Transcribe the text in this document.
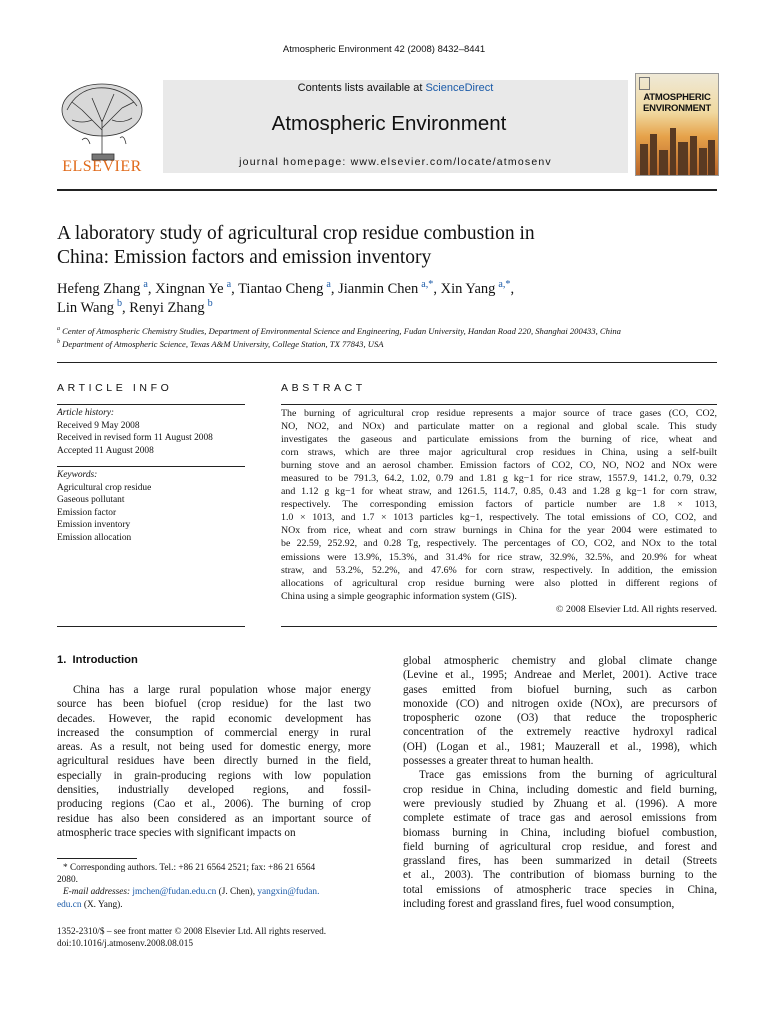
Atmospheric Environment 42 (2008) 8432–8441
ELSEVIER
Contents lists available at ScienceDirect
Atmospheric Environment
journal homepage: www.elsevier.com/locate/atmosenv
ATMOSPHERIC
ENVIRONMENT
A laboratory study of agricultural crop residue combustion in
China: Emission factors and emission inventory
Hefeng Zhang $^a$, Xingnan Ye $^a$, Tiantao Cheng $^a$, Jianmin Chen $^{a,*}$, Xin Yang $^{a,*}$,
Lin Wang $^b$, Renyi Zhang $^b$
$^a$ Center of Atmospheric Chemistry Studies, Department of Environmental Science and Engineering, Fudan University, Handan Road 220, Shanghai 200433, China
$^b$ Department of Atmospheric Science, Texas A&M University, College Station, TX 77843, USA
ARTICLE INFO
Article history:
Received 9 May 2008
Received in revised form 11 August 2008
Accepted 11 August 2008
Keywords:
Agricultural crop residue
Gaseous pollutant
Emission factor
Emission inventory
Emission allocation
ABSTRACT
The burning of agricultural crop residue represents a major source of trace gases (CO, CO2,
NO, NO2, and NOx) and particulate matter on a regional and global scale. This study
investigates the gaseous and particulate emissions from the burning of rice, wheat and
corn straws, which are three major agricultural crop residues in China, using a self-built
burning stove and an aerosol chamber. Emission factors of CO2, CO, NO, NO2 and NOx were
measured to be 791.3, 64.2, 1.02, 0.79 and 1.81 g kg−1 for rice straw, 1557.9, 141.2, 0.79, 0.32
and 1.12 g kg−1 for wheat straw, and 1261.5, 114.7, 0.85, 0.43 and 1.28 g kg−1 for corn straw,
respectively. The corresponding emission factors of particle number are 1.8 × 1013,
1.0 × 1013, and 1.7 × 1013 particles kg−1, respectively. The total emissions of CO, CO2, and
NOx from rice, wheat and corn straw burnings in China for the year 2004 were estimated to
be 22.59, 252.92, and 0.28 Tg, respectively. The percentages of CO, CO2, and NOx to the total
emissions were 13.9%, 15.3%, and 31.4% for rice straw, 32.9%, 32.5%, and 20.9% for wheat
straw, and 53.2%, 52.2%, and 47.6% for corn straw, respectively. In addition, the emission
allocations of agricultural crop residue burning were also plotted in different regions of
China using a simple geographic information system (GIS).
© 2008 Elsevier Ltd. All rights reserved.
1.  Introduction
China has a large rural population whose major energy
source has been biofuel (crop residue) for the last two
decades. However, the rapid economic development has
increased the consumption of commercial energy in rural
areas. As a result, not being used for domestic energy, more
agricultural residues have been directly burned in the field,
especially in grain-producing regions with low population
densities, industrially developed regions, and fossil-
producing regions (Cao et al., 2006). The burning of crop
residue has also been considered as an important source of
atmospheric trace species with significant impacts on
global atmospheric chemistry and global climate change
(Levine et al., 1995; Andreae and Merlet, 2001). Active trace
gases emitted from biofuel burning, such as carbon
monoxide (CO) and nitrogen oxide (NOx), are precursors of
tropospheric ozone (O3) that reduce the tropospheric
concentration of the extremely reactive hydroxyl radical
(OH) (Logan et al., 1981; Mauzerall et al., 1998), which
possesses a greater threat to human health.
Trace gas emissions from the burning of agricultural
crop residue in China, including domestic and field burning,
were previously studied by Zhuang et al. (1996). A more
complete estimate of trace gas and aerosol emissions from
biomass burning in China, including biofuel combustion,
field burning of agricultural crop residue, and forest and
grassland fires, has been summarized in detail (Streets
et al., 2003). The contribution of biomass burning to the
total emissions of atmospheric trace species in China,
including forest and grassland fires, fuel wood consumption,
* Corresponding authors. Tel.: +86 21 6564 2521; fax: +86 21 6564
2080.
E-mail addresses: jmchen@fudan.edu.cn (J. Chen), yangxin@fudan.
edu.cn (X. Yang).
1352-2310/$ – see front matter © 2008 Elsevier Ltd. All rights reserved.
doi:10.1016/j.atmosenv.2008.08.015
